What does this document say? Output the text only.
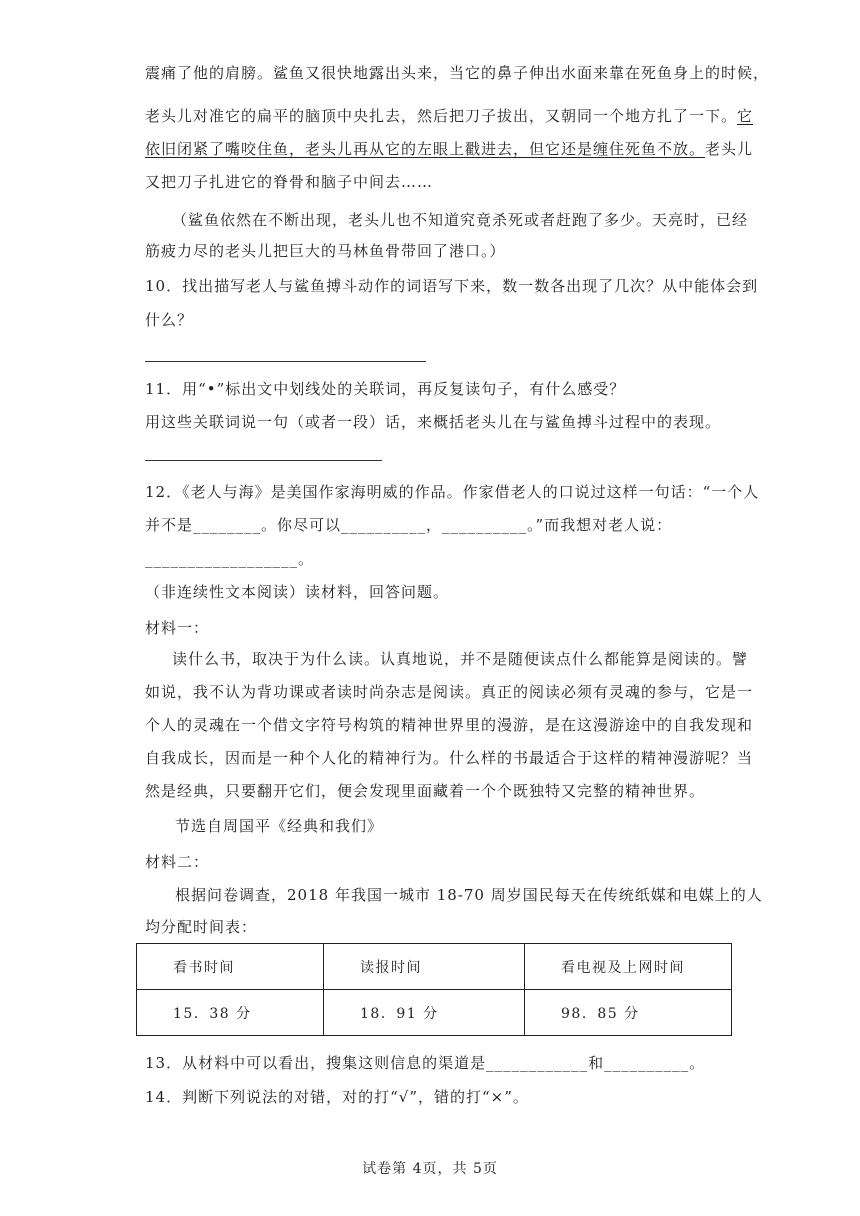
震痛了他的肩膀。鲨鱼又很快地露出头来，当它的鼻子伸出水面来靠在死鱼身上的时候，
老头儿对准它的扁平的脑顶中央扎去，然后把刀子拔出，又朝同一个地方扎了一下。它
依旧闭紧了嘴咬住鱼，老头儿再从它的左眼上戳进去，但它还是缠住死鱼不放。老头儿
又把刀子扎进它的脊骨和脑子中间去……
（鲨鱼依然在不断出现，老头儿也不知道究竟杀死或者赶跑了多少。天亮时，已经
筋疲力尽的老头儿把巨大的马林鱼骨带回了港口。）
10．找出描写老人与鲨鱼搏斗动作的词语写下来，数一数各出现了几次？从中能体会到
什么？
11．用“•”标出文中划线处的关联词，再反复读句子，有什么感受？
用这些关联词说一句（或者一段）话，来概括老头儿在与鲨鱼搏斗过程中的表现。
12．《老人与海》是美国作家海明威的作品。作家借老人的口说过这样一句话：“一个人
并不是________。你尽可以__________，__________。”而我想对老人说：
__________________。
（非连续性文本阅读）读材料，回答问题。
材料一：
读什么书，取决于为什么读。认真地说，并不是随便读点什么都能算是阅读的。譬
如说，我不认为背功课或者读时尚杂志是阅读。真正的阅读必须有灵魂的参与，它是一
个人的灵魂在一个借文字符号构筑的精神世界里的漫游，是在这漫游途中的自我发现和
自我成长，因而是一种个人化的精神行为。什么样的书最适合于这样的精神漫游呢？当
然是经典，只要翻开它们，便会发现里面藏着一个个既独特又完整的精神世界。
节选自周国平《经典和我们》
材料二：
根据问卷调查，2018 年我国一城市 18-70 周岁国民每天在传统纸媒和电媒上的人
均分配时间表：
看书时间	读报时间	看电视及上网时间
15．38 分	18．91 分	98．85 分
13．从材料中可以看出，搜集这则信息的渠道是____________和__________。
14．判断下列说法的对错，对的打“√”，错的打“×”。
试卷第 4页，共 5页
